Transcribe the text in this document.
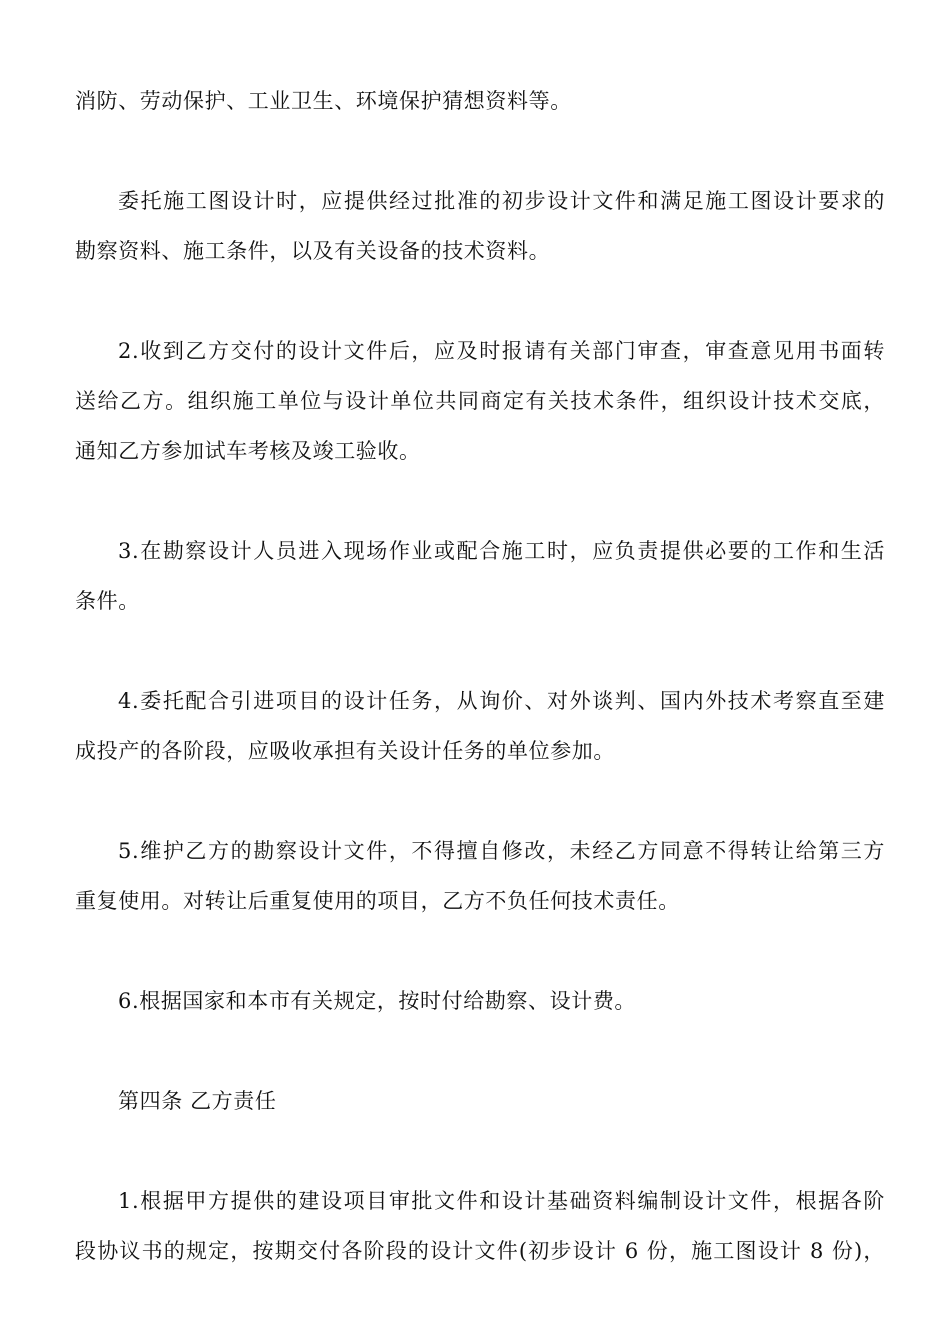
消防、劳动保护、工业卫生、环境保护猜想资料等。
委托施工图设计时，应提供经过批准的初步设计文件和满足施工图设计要求的
勘察资料、施工条件，以及有关设备的技术资料。
2.收到乙方交付的设计文件后，应及时报请有关部门审查，审查意见用书面转
送给乙方。组织施工单位与设计单位共同商定有关技术条件，组织设计技术交底，
通知乙方参加试车考核及竣工验收。
3.在勘察设计人员进入现场作业或配合施工时，应负责提供必要的工作和生活
条件。
4.委托配合引进项目的设计任务，从询价、对外谈判、国内外技术考察直至建
成投产的各阶段，应吸收承担有关设计任务的单位参加。
5.维护乙方的勘察设计文件，不得擅自修改，未经乙方同意不得转让给第三方
重复使用。对转让后重复使用的项目，乙方不负任何技术责任。
6.根据国家和本市有关规定，按时付给勘察、设计费。
第四条 乙方责任
1.根据甲方提供的建设项目审批文件和设计基础资料编制设计文件，根据各阶
段协议书的规定，按期交付各阶段的设计文件(初步设计 6 份，施工图设计 8 份)，
